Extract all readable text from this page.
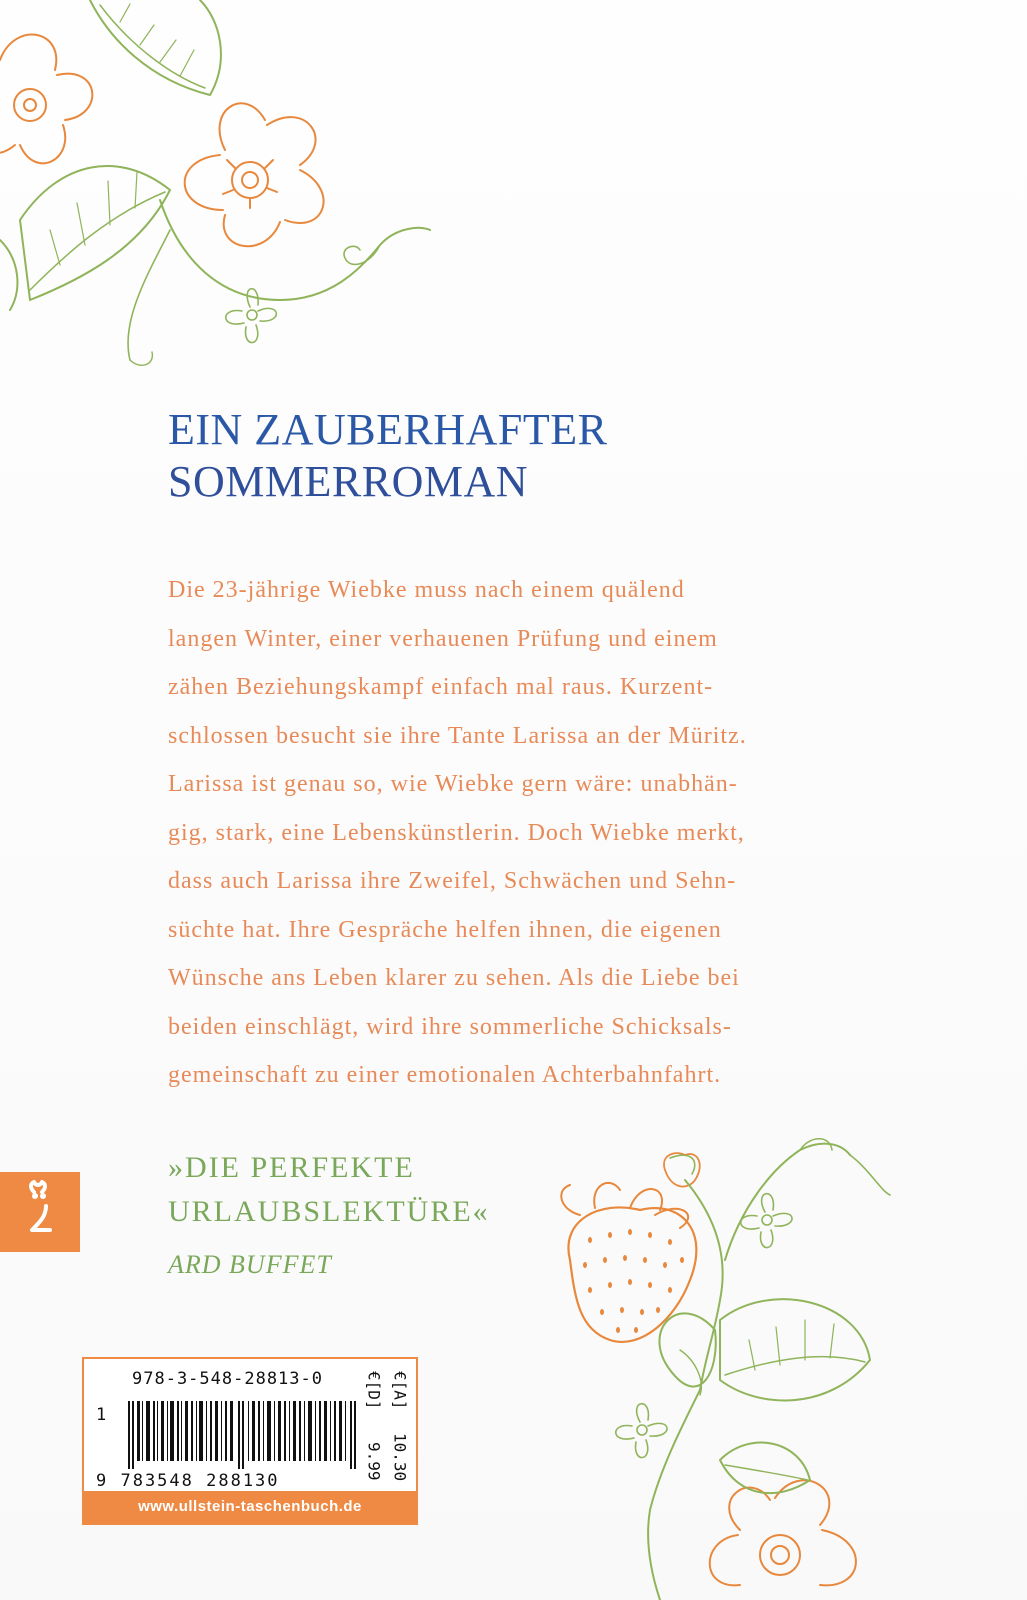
EIN ZAUBERHAFTER
SOMMERROMAN

Die 23-jährige Wiebke muss nach einem quälend
langen Winter, einer verhauenen Prüfung und einem
zähen Beziehungskampf einfach mal raus. Kurzent-
schlossen besucht sie ihre Tante Larissa an der Müritz.
Larissa ist genau so, wie Wiebke gern wäre: unabhän-
gig, stark, eine Lebenskünstlerin. Doch Wiebke merkt,
dass auch Larissa ihre Zweifel, Schwächen und Sehn-
süchte hat. Ihre Gespräche helfen ihnen, die eigenen
Wünsche ans Leben klarer zu sehen. Als die Liebe bei
beiden einschlägt, wird ihre sommerliche Schicksals-
gemeinschaft zu einer emotionalen Achterbahnfahrt.

»DIE PERFEKTE
URLAUBSLEKTÜRE«

ARD BUFFET
978-3-548-28813-0
1
9 783548 288130
€[D]
9.99
€[A]
10.30
www.ullstein-taschenbuch.de
